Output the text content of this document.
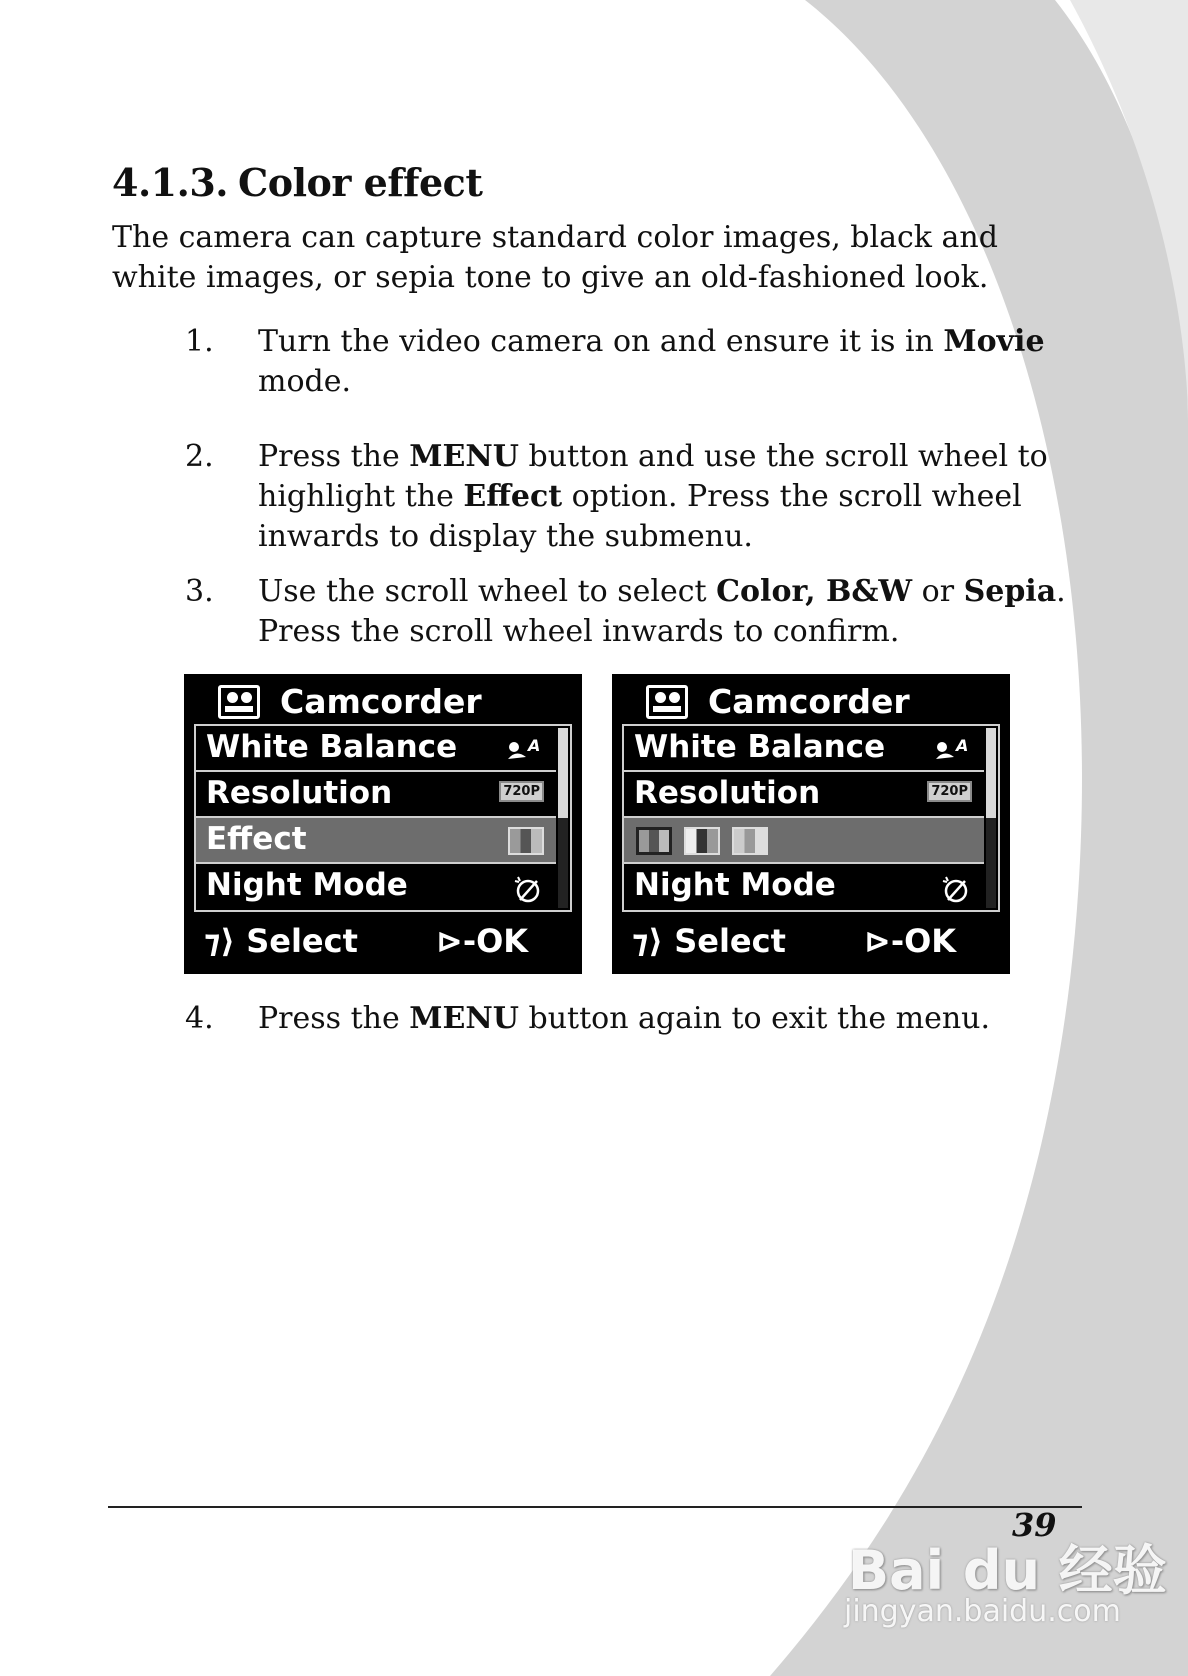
4.1.3. Color effect

The camera can capture standard color images, black and white images, or sepia tone to give an old-fashioned look.

1. Turn the video camera on and ensure it is in Movie mode.
2. Press the MENU button and use the scroll wheel to highlight the Effect option. Press the scroll wheel inwards to display the submenu.
3. Use the scroll wheel to select Color, B&W or Sepia. Press the scroll wheel inwards to confirm.
Camcorder
White Balance	A
Resolution	720P
Effect
Night Mode
⁊⟩ Select ⊳-OK
Camcorder
White Balance	A
Resolution	720P
Night Mode
⁊⟩ Select ⊳-OK
4. Press the MENU button again to exit the menu.
39
Bai du 经验
jingyan.baidu.com
